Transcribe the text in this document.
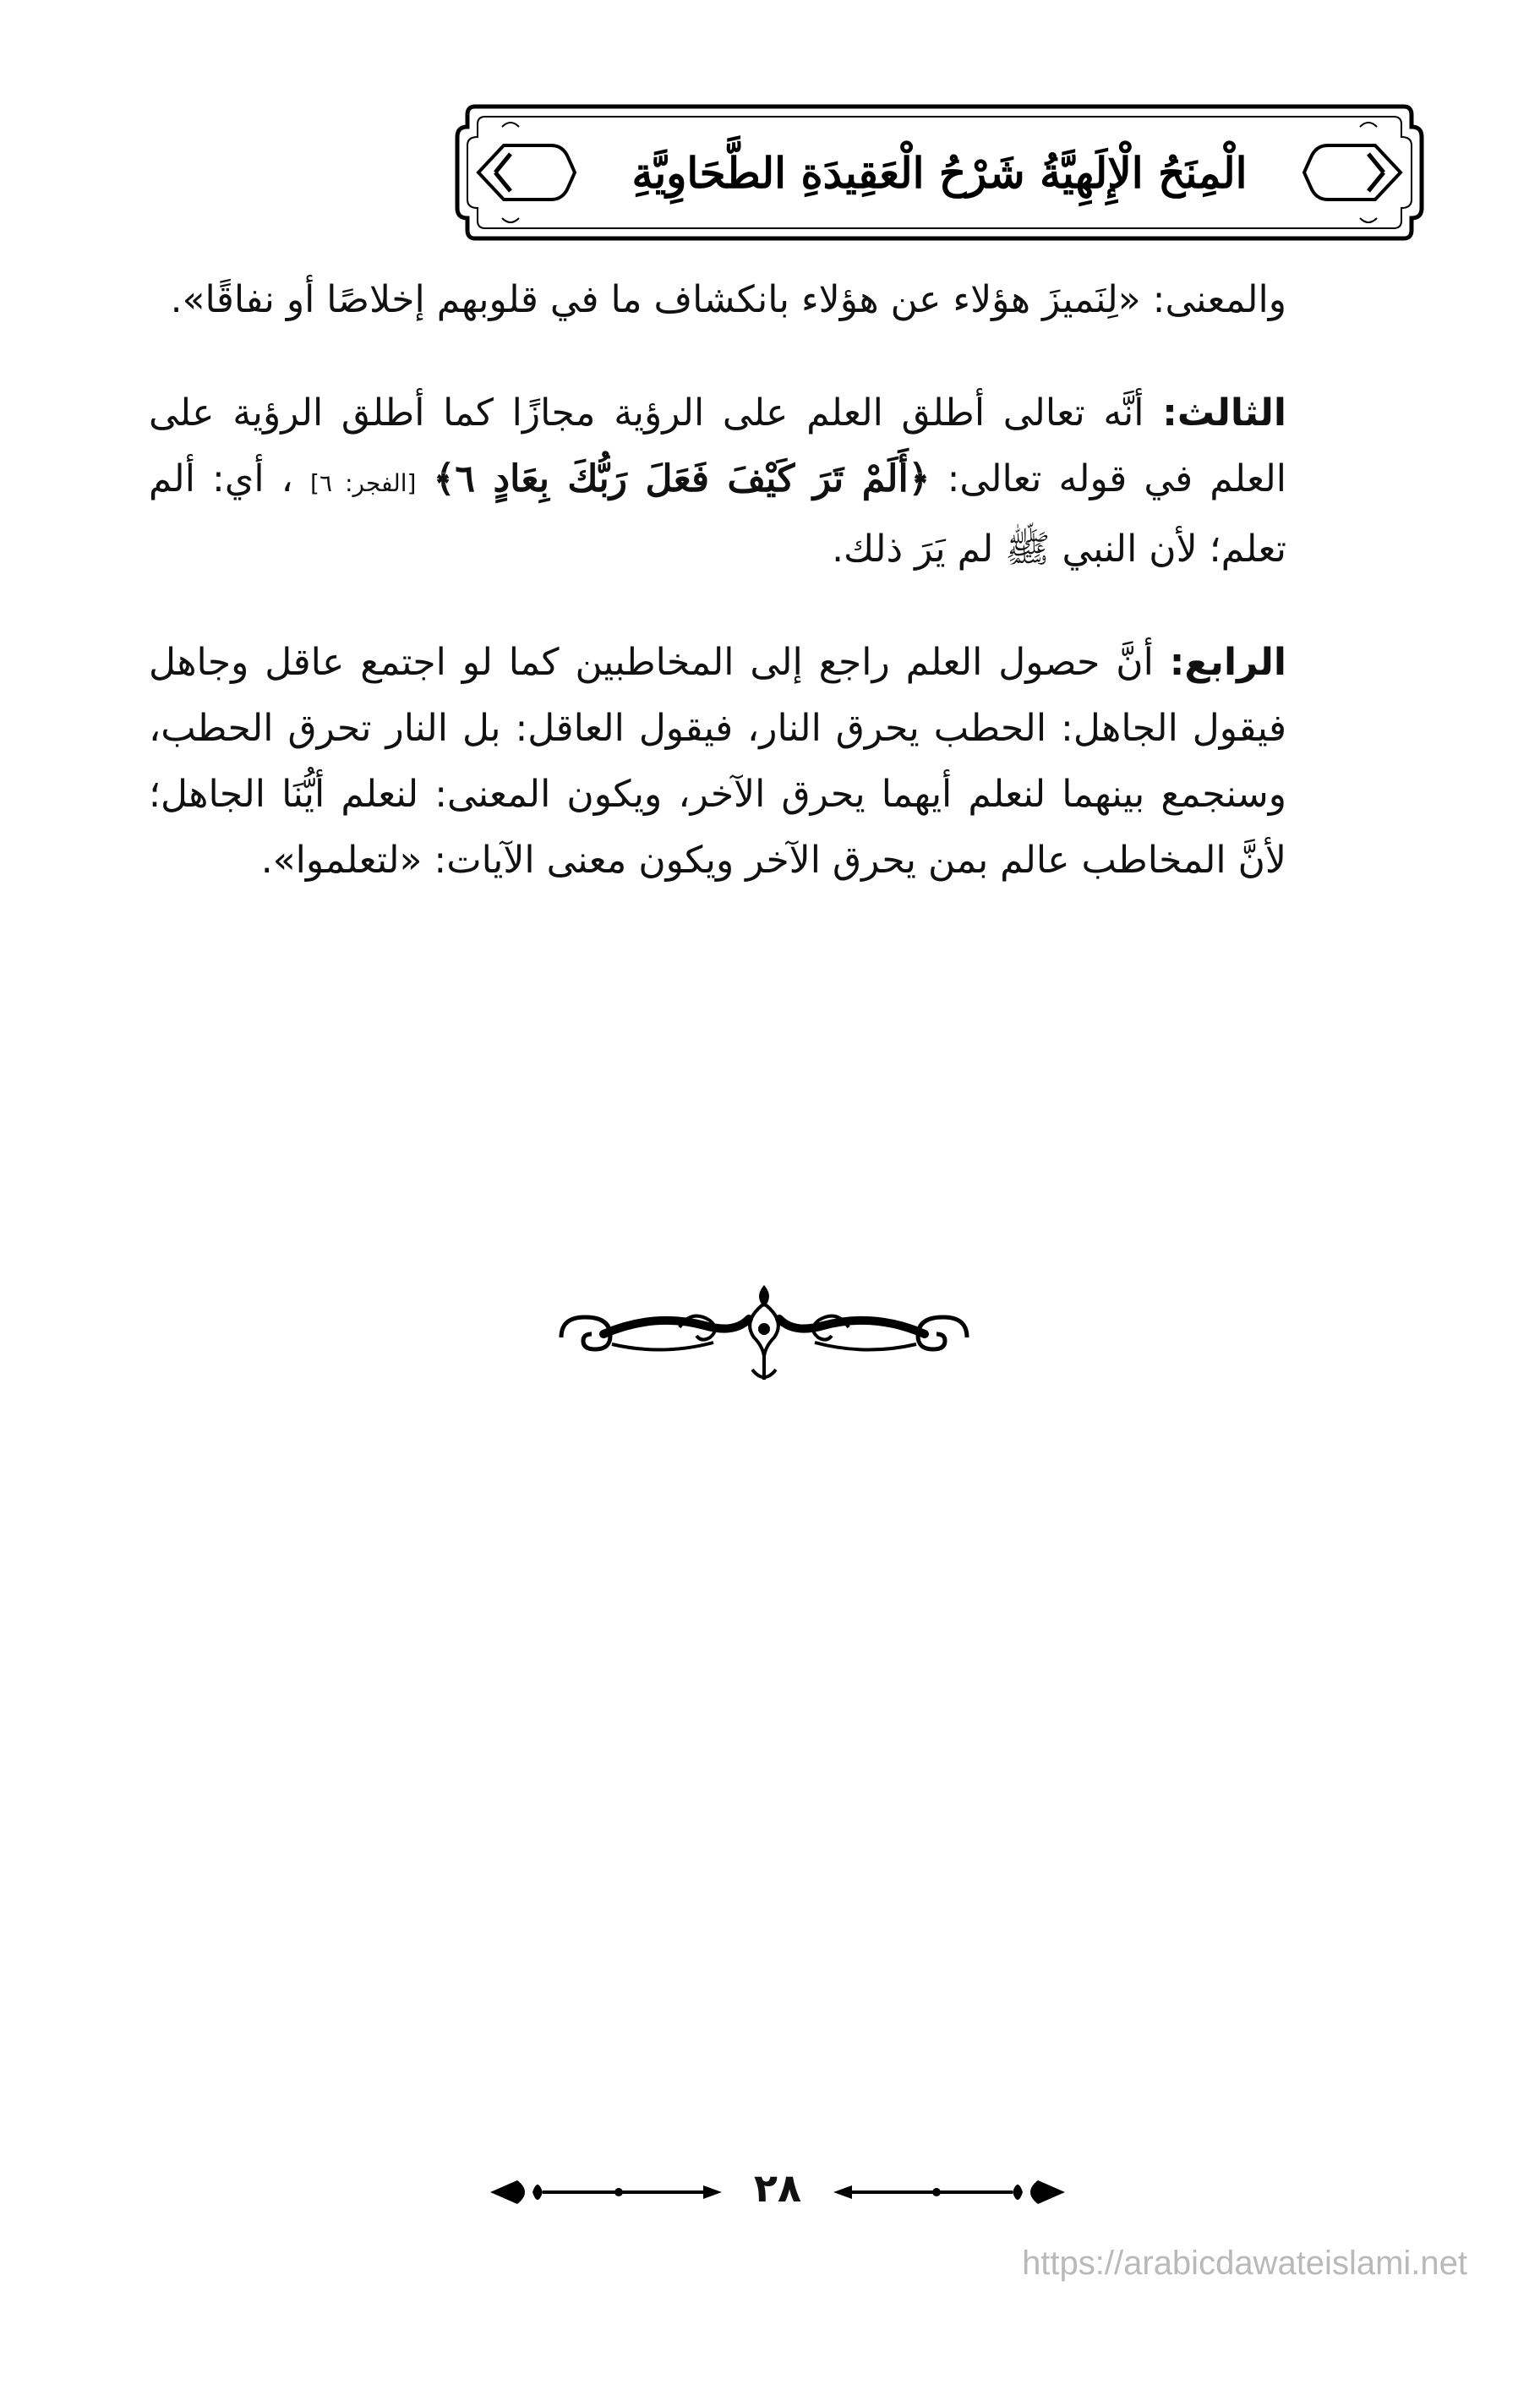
الْمِنَحُ الْإِلَهِيَّةُ شَرْحُ الْعَقِيدَةِ الطَّحَاوِيَّةِ

والمعنى: «لِنَميزَ هؤلاء عن هؤلاء بانكشاف ما في قلوبهم إخلاصًا أو نفاقًا».

الثالث: أنَّه تعالى أطلق العلم على الرؤية مجازًا كما أطلق الرؤية على العلم في قوله تعالى: ﴿أَلَمْ تَرَ كَيْفَ فَعَلَ رَبُّكَ بِعَادٍ ٦﴾ [الفجر: ٦] ، أي: ألم تعلم؛ لأن النبي ﷺ لم يَرَ ذلك.

الرابع: أنَّ حصول العلم راجع إلى المخاطبين كما لو اجتمع عاقل وجاهل فيقول الجاهل: الحطب يحرق النار، فيقول العاقل: بل النار تحرق الحطب، وسنجمع بينهما لنعلم أيهما يحرق الآخر، ويكون المعنى: لنعلم أيُّنَا الجاهل؛ لأنَّ المخاطب عالم بمن يحرق الآخر ويكون معنى الآيات: «لتعلموا».

٢٨
https://arabicdawateislami.net
